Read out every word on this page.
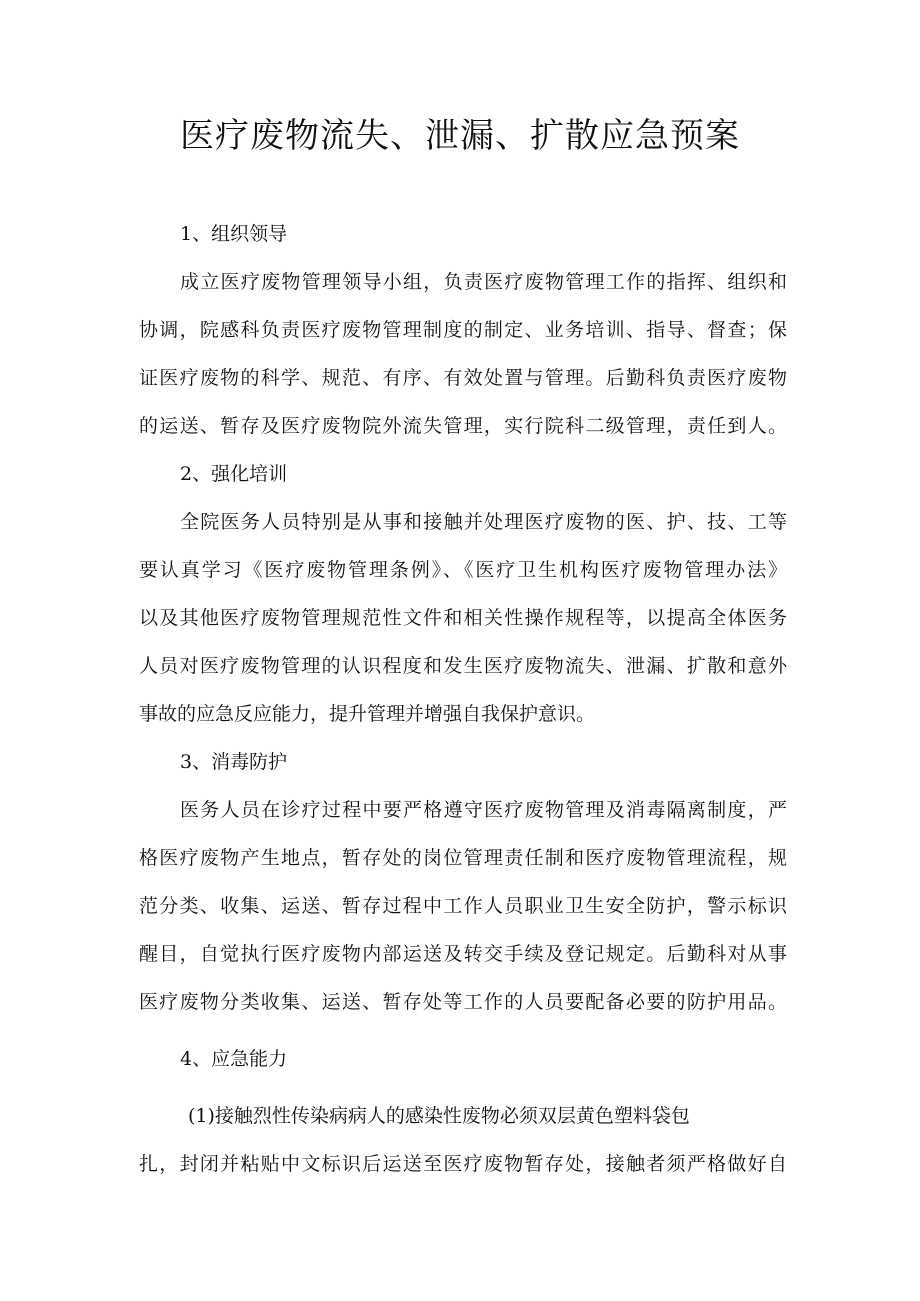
医疗废物流失、泄漏、扩散应急预案
1、组织领导
成立医疗废物管理领导小组，负责医疗废物管理工作的指挥、组织和
协调，院感科负责医疗废物管理制度的制定、业务培训、指导、督查；保
证医疗废物的科学、规范、有序、有效处置与管理。后勤科负责医疗废物
的运送、暂存及医疗废物院外流失管理，实行院科二级管理，责任到人。
2、强化培训
全院医务人员特别是从事和接触并处理医疗废物的医、护、技、工等
要认真学习《医疗废物管理条例》、《医疗卫生机构医疗废物管理办法》
以及其他医疗废物管理规范性文件和相关性操作规程等，以提高全体医务
人员对医疗废物管理的认识程度和发生医疗废物流失、泄漏、扩散和意外
事故的应急反应能力，提升管理并增强自我保护意识。
3、消毒防护
医务人员在诊疗过程中要严格遵守医疗废物管理及消毒隔离制度，严
格医疗废物产生地点，暂存处的岗位管理责任制和医疗废物管理流程，规
范分类、收集、运送、暂存过程中工作人员职业卫生安全防护，警示标识
醒目，自觉执行医疗废物内部运送及转交手续及登记规定。后勤科对从事
医疗废物分类收集、运送、暂存处等工作的人员要配备必要的防护用品。
4、应急能力
(1)接触烈性传染病病人的感染性废物必须双层黄色塑料袋包
扎，封闭并粘贴中文标识后运送至医疗废物暂存处，接触者须严格做好自
